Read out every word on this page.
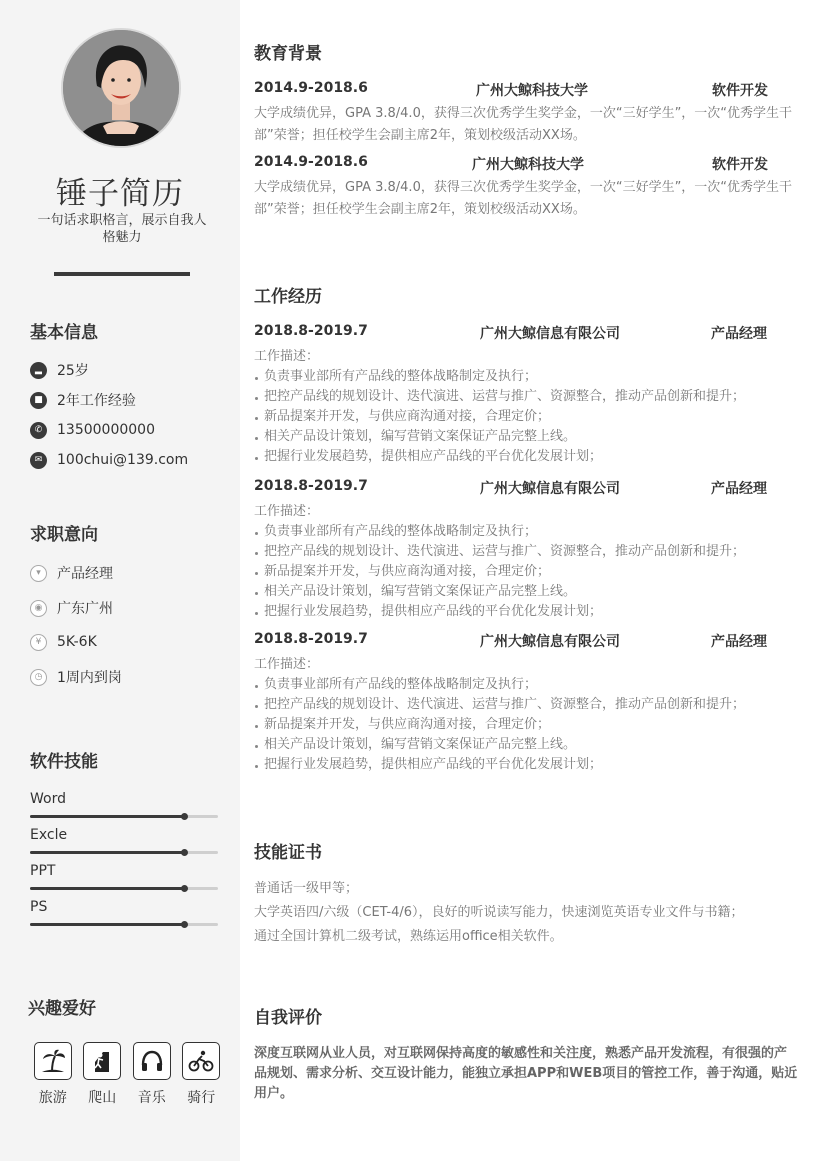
锤子简历
一句话求职格言，展示自我人格魅力
基本信息
▂	25岁
■	2年工作经验
✆	13500000000
✉	100chui@139.com
求职意向
▾	产品经理
◉	广东广州
¥	5K-6K
◷	1周内到岗
软件技能
Word
Excle
PPT
PS
兴趣爱好
旅游 爬山 音乐 骑行
教育背景
2014.9-2018.6	广州大鲸科技大学	软件开发
大学成绩优异，GPA 3.8/4.0，获得三次优秀学生奖学金，一次“三好学生”，一次“优秀学生干部”荣誉；担任校学生会副主席2年，策划校级活动XX场。
2014.9-2018.6	广州大鲸科技大学	软件开发
大学成绩优异，GPA 3.8/4.0，获得三次优秀学生奖学金，一次“三好学生”，一次“优秀学生干部”荣誉；担任校学生会副主席2年，策划校级活动XX场。
工作经历
2018.8-2019.7	广州大鲸信息有限公司	产品经理
工作描述：
负责事业部所有产品线的整体战略制定及执行；
把控产品线的规划设计、迭代演进、运营与推广、资源整合，推动产品创新和提升；
新品提案并开发，与供应商沟通对接，合理定价；
相关产品设计策划，编写营销文案保证产品完整上线。
把握行业发展趋势，提供相应产品线的平台优化发展计划；
2018.8-2019.7	广州大鲸信息有限公司	产品经理
工作描述：
负责事业部所有产品线的整体战略制定及执行；
把控产品线的规划设计、迭代演进、运营与推广、资源整合，推动产品创新和提升；
新品提案并开发，与供应商沟通对接，合理定价；
相关产品设计策划，编写营销文案保证产品完整上线。
把握行业发展趋势，提供相应产品线的平台优化发展计划；
2018.8-2019.7	广州大鲸信息有限公司	产品经理
工作描述：
负责事业部所有产品线的整体战略制定及执行；
把控产品线的规划设计、迭代演进、运营与推广、资源整合，推动产品创新和提升；
新品提案并开发，与供应商沟通对接，合理定价；
相关产品设计策划，编写营销文案保证产品完整上线。
把握行业发展趋势，提供相应产品线的平台优化发展计划；
技能证书
普通话一级甲等；
大学英语四/六级（CET-4/6），良好的听说读写能力，快速浏览英语专业文件与书籍；
通过全国计算机二级考试，熟练运用office相关软件。
自我评价
深度互联网从业人员，对互联网保持高度的敏感性和关注度，熟悉产品开发流程，有很强的产品规划、需求分析、交互设计能力，能独立承担APP和WEB项目的管控工作，善于沟通，贴近用户。
